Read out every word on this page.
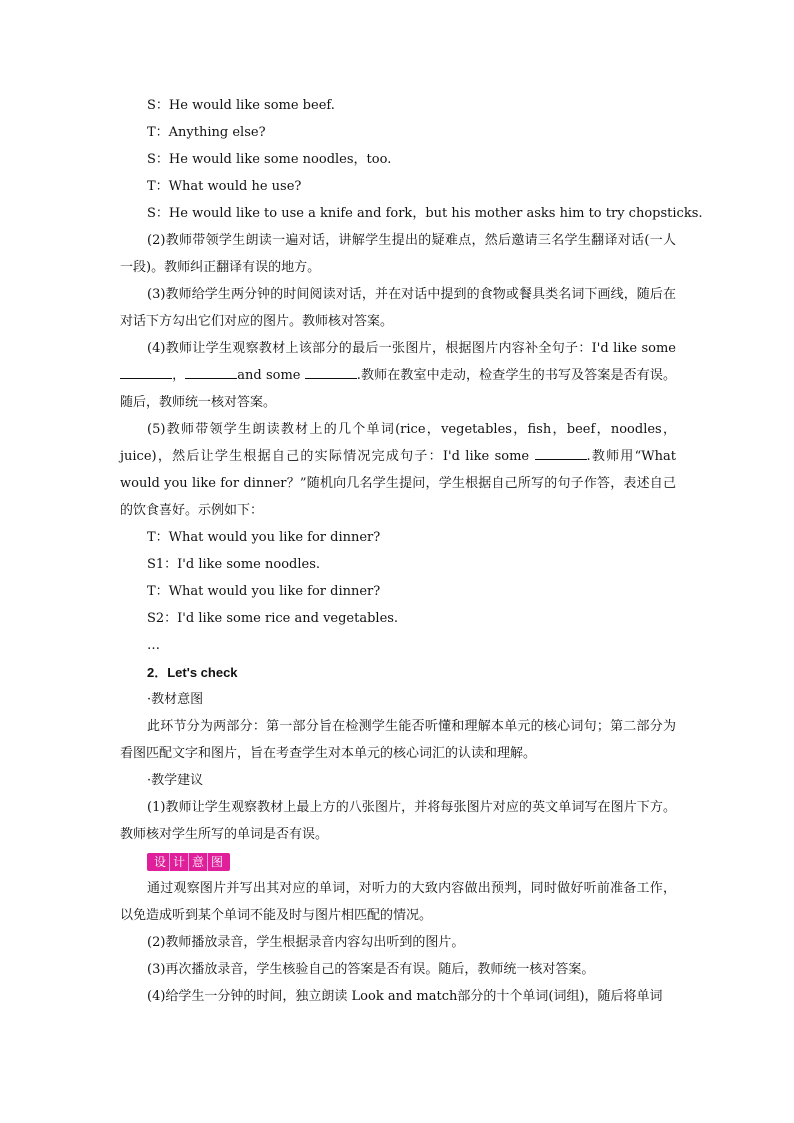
S：He would like some beef.

T：Anything else?

S：He would like some noodles，too.

T：What would he use?

S：He would like to use a knife and fork，but his mother asks him to try chopsticks.

(2)教师带领学生朗读一遍对话，讲解学生提出的疑难点，然后邀请三名学生翻译对话(一人一段)。教师纠正翻译有误的地方。

(3)教师给学生两分钟的时间阅读对话，并在对话中提到的食物或餐具类名词下画线，随后在对话下方勾出它们对应的图片。教师核对答案。

(4)教师让学生观察教材上该部分的最后一张图片，根据图片内容补全句子：I'd like some ，	and some	.教师在教室中走动，检查学生的书写及答案是否有误。随后，教师统一核对答案。

(5)教师带领学生朗读教材上的几个单词(rice，vegetables，fish，beef，noodles，juice)，然后让学生根据自己的实际情况完成句子：I'd like some	.教师用“What would you like for dinner？”随机向几名学生提问，学生根据自己所写的句子作答，表述自己的饮食喜好。示例如下：

T：What would you like for dinner?

S1：I'd like some noodles.

T：What would you like for dinner?

S2：I'd like some rice and vegetables.

…

2．Let's check

·教材意图

此环节分为两部分：第一部分旨在检测学生能否听懂和理解本单元的核心词句；第二部分为看图匹配文字和图片，旨在考查学生对本单元的核心词汇的认读和理解。

·教学建议

(1)教师让学生观察教材上最上方的八张图片，并将每张图片对应的英文单词写在图片下方。教师核对学生所写的单词是否有误。

设 计 意 图

通过观察图片并写出其对应的单词，对听力的大致内容做出预判，同时做好听前准备工作，以免造成听到某个单词不能及时与图片相匹配的情况。

(2)教师播放录音，学生根据录音内容勾出听到的图片。

(3)再次播放录音，学生核验自己的答案是否有误。随后，教师统一核对答案。

(4)给学生一分钟的时间，独立朗读 Look and match部分的十个单词(词组)，随后将单词
